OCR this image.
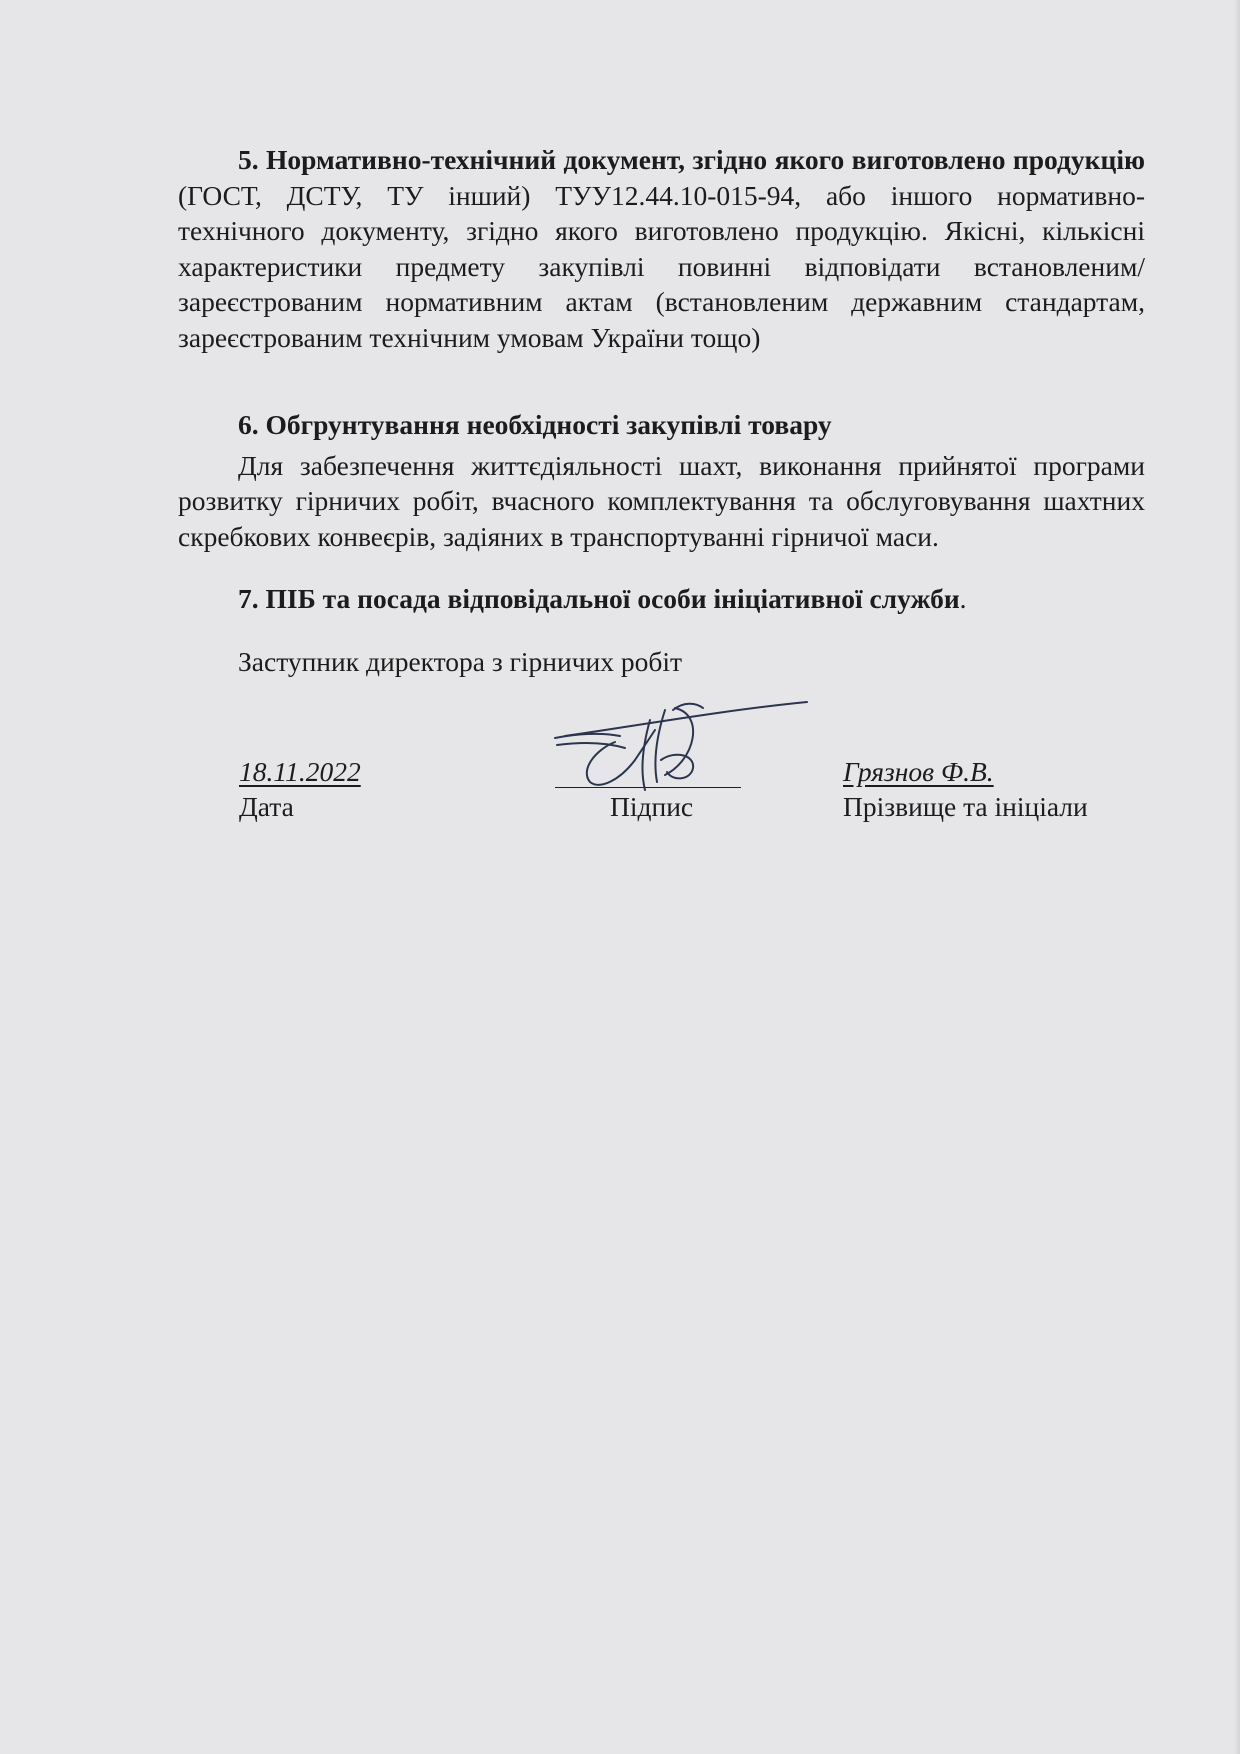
5. Нормативно-технічний документ, згідно якого виготовлено продукцію (ГОСТ, ДСТУ, ТУ інший) ТУУ12.44.10-015-94, або іншого нормативно-технічного документу, згідно якого виготовлено продукцію. Якісні, кількісні характеристики предмету закупівлі повинні відповідати встановленим/зареєстрованим нормативним актам (встановленим державним стандартам, зареєстрованим технічним умовам України тощо)

6. Обгрунтування необхідності закупівлі товару

Для забезпечення життєдіяльності шахт, виконання прийнятої програми розвитку гірничих робіт, вчасного комплектування та обслуговування шахтних скребкових конвеєрів, задіяних в транспортуванні гірничої маси.

7. ПІБ та посада відповідальної особи ініціативної служби.

Заступник директора з гірничих робіт

18.11.2022
Дата	Підпис
Грязнов Ф.В.
Прізвище та ініціали
